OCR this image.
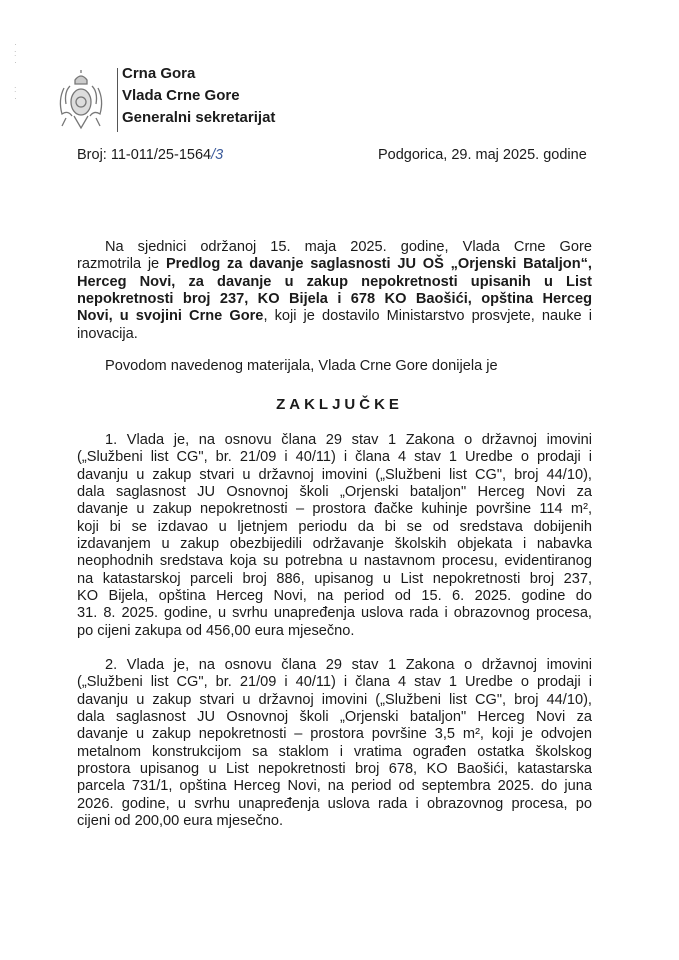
·
:
·

:
·
Crna Gora
Vlada Crne Gore
Generalni sekretarijat
Broj: 11-011/25-1564/3	Podgorica, 29. maj 2025. godine
Na sjednici održanoj 15. maja 2025. godine, Vlada Crne Gore
razmotrila je Predlog za davanje saglasnosti JU OŠ „Orjenski Bataljon“,
Herceg Novi, za davanje u zakup nepokretnosti upisanih u List
nepokretnosti broj 237, KO Bijela i 678 KO Baošići, opština Herceg
Novi, u svojini Crne Gore, koji je dostavilo Ministarstvo prosvjete, nauke i
inovacija.
Povodom navedenog materijala, Vlada Crne Gore donijela je
ZAKLJUČKE
1. Vlada je, na osnovu člana 29 stav 1 Zakona o državnoj imovini
(„Službeni list CG", br. 21/09 i 40/11) i člana 4 stav 1 Uredbe o prodaji i
davanju u zakup stvari u državnoj imovini („Službeni list CG", broj 44/10),
dala saglasnost JU Osnovnoj školi „Orjenski bataljon" Herceg Novi za
davanje u zakup nepokretnosti – prostora đačke kuhinje površine 114 m²,
koji bi se izdavao u ljetnjem periodu da bi se od sredstava dobijenih
izdavanjem u zakup obezbijedili održavanje školskih objekata i nabavka
neophodnih sredstava koja su potrebna u nastavnom procesu, evidentiranog
na katastarskoj parceli broj 886, upisanog u List nepokretnosti broj 237,
KO Bijela, opština Herceg Novi, na period od 15. 6. 2025. godine do
31. 8. 2025. godine, u svrhu unapređenja uslova rada i obrazovnog procesa,
po cijeni zakupa od 456,00 eura mjesečno.
2. Vlada je, na osnovu člana 29 stav 1 Zakona o državnoj imovini
(„Službeni list CG", br. 21/09 i 40/11) i člana 4 stav 1 Uredbe o prodaji i
davanju u zakup stvari u državnoj imovini („Službeni list CG", broj 44/10),
dala saglasnost JU Osnovnoj školi „Orjenski bataljon" Herceg Novi za
davanje u zakup nepokretnosti – prostora površine 3,5 m², koji je odvojen
metalnom konstrukcijom sa staklom i vratima ograđen ostatka školskog
prostora upisanog u List nepokretnosti broj 678, KO Baošići, katastarska
parcela 731/1, opština Herceg Novi, na period od septembra 2025. do juna
2026. godine, u svrhu unapređenja uslova rada i obrazovnog procesa, po
cijeni od 200,00 eura mjesečno.
